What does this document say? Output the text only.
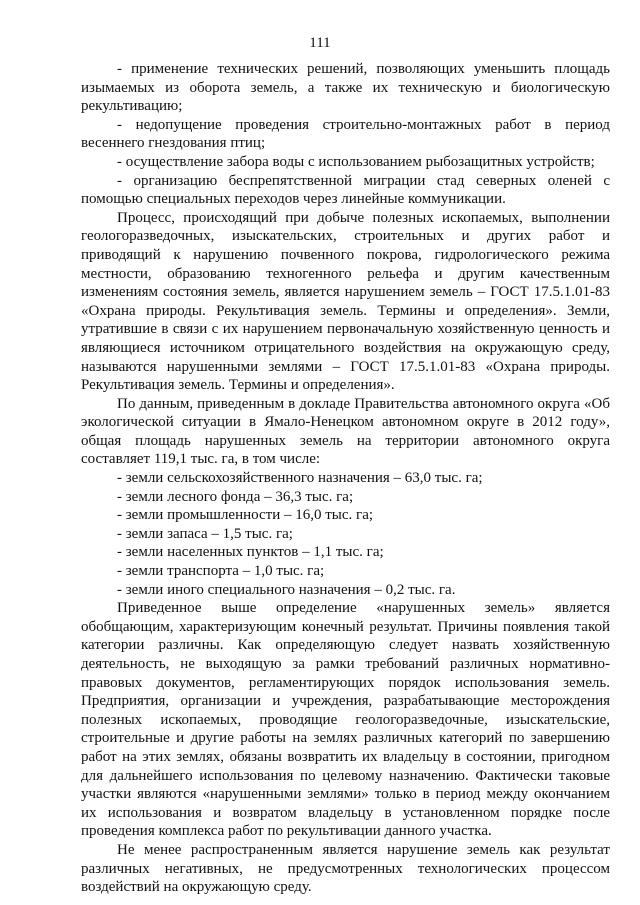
111

- применение технических решений, позволяющих уменьшить площадь изымаемых из оборота земель, а также их техническую и биологическую рекультивацию;

- недопущение проведения строительно-монтажных работ в период весеннего гнездования птиц;

- осуществление забора воды с использованием рыбозащитных устройств;

- организацию беспрепятственной миграции стад северных оленей с помощью специальных переходов через линейные коммуникации.

Процесс, происходящий при добыче полезных ископаемых, выполнении геологоразведочных, изыскательских, строительных и других работ и приводящий к нарушению почвенного покрова, гидрологического режима местности, образованию техногенного рельефа и другим качественным изменениям состояния земель, является нарушением земель – ГОСТ 17.5.1.01-83 «Охрана природы. Рекультивация земель. Термины и определения». Земли, утратившие в связи с их нарушением первоначальную хозяйственную ценность и являющиеся источником отрицательного воздействия на окружающую среду, называются нарушенными землями – ГОСТ 17.5.1.01-83 «Охрана природы. Рекультивация земель. Термины и определения».

По данным, приведенным в докладе Правительства автономного округа «Об экологической ситуации в Ямало-Ненецком автономном округе в 2012 году», общая площадь нарушенных земель на территории автономного округа составляет 119,1 тыс. га, в том числе:

- земли сельскохозяйственного назначения – 63,0 тыс. га;

- земли лесного фонда – 36,3 тыс. га;

- земли промышленности – 16,0 тыс. га;

- земли запаса – 1,5 тыс. га;

- земли населенных пунктов – 1,1 тыс. га;

- земли транспорта – 1,0 тыс. га;

- земли иного специального назначения – 0,2 тыс. га.

Приведенное выше определение «нарушенных земель» является обобщающим, характеризующим конечный результат. Причины появления такой категории различны. Как определяющую следует назвать хозяйственную деятельность, не выходящую за рамки требований различных нормативно-правовых документов, регламентирующих порядок использования земель. Предприятия, организации и учреждения, разрабатывающие месторождения полезных ископаемых, проводящие геологоразведочные, изыскательские, строительные и другие работы на землях различных категорий по завершению работ на этих землях, обязаны возвратить их владельцу в состоянии, пригодном для дальнейшего использования по целевому назначению. Фактически таковые участки являются «нарушенными землями» только в период между окончанием их использования и возвратом владельцу в установленном порядке после проведения комплекса работ по рекультивации данного участка.

Не менее распространенным является нарушение земель как результат различных негативных, не предусмотренных технологических процессом воздействий на окружающую среду.
